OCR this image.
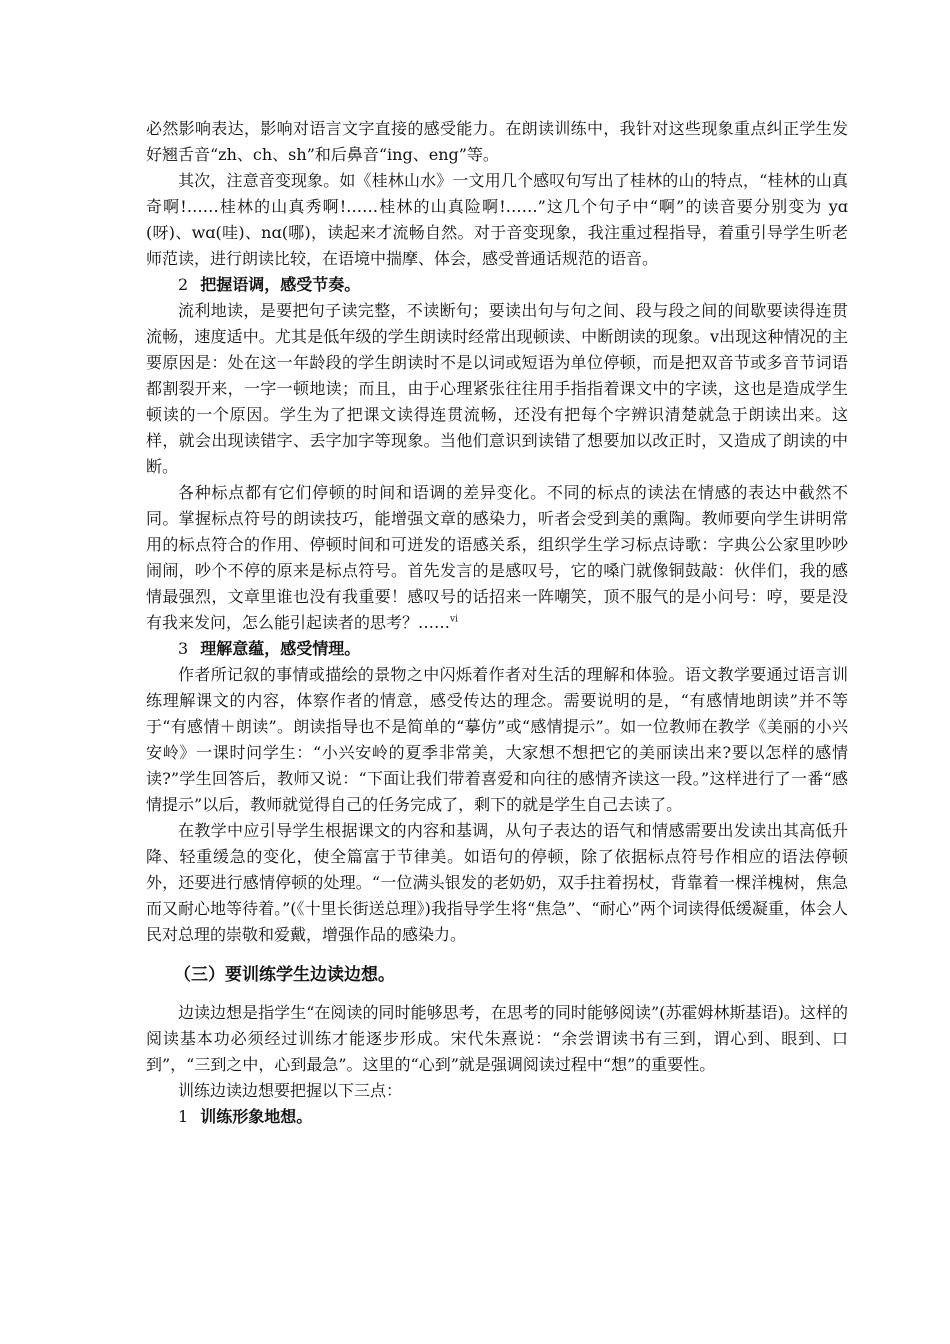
必然影响表达，影响对语言文字直接的感受能力。在朗读训练中，我针对这些现象重点纠正学生发好翘舌音“zh、ch、sh”和后鼻音“ing、eng”等。

其次，注意音变现象。如《桂林山水》一文用几个感叹句写出了桂林的山的特点，“桂林的山真奇啊!……桂林的山真秀啊!……桂林的山真险啊!……”这几个句子中“啊”的读音要分别变为 yɑ(呀)、wɑ(哇)、nɑ(哪)，读起来才流畅自然。对于音变现象，我注重过程指导，着重引导学生听老师范读，进行朗读比较，在语境中揣摩、体会，感受普通话规范的语音。

2 把握语调，感受节奏。

流利地读，是要把句子读完整，不读断句；要读出句与句之间、段与段之间的间歇要读得连贯流畅，速度适中。尤其是低年级的学生朗读时经常出现顿读、中断朗读的现象。ⅴ出现这种情况的主要原因是：处在这一年龄段的学生朗读时不是以词或短语为单位停顿，而是把双音节或多音节词语都割裂开来，一字一顿地读；而且，由于心理紧张往往用手指指着课文中的字读，这也是造成学生顿读的一个原因。学生为了把课文读得连贯流畅，还没有把每个字辨识清楚就急于朗读出来。这样，就会出现读错字、丢字加字等现象。当他们意识到读错了想要加以改正时，又造成了朗读的中断。

各种标点都有它们停顿的时间和语调的差异变化。不同的标点的读法在情感的表达中截然不同。掌握标点符号的朗读技巧，能增强文章的感染力，听者会受到美的熏陶。教师要向学生讲明常用的标点符合的作用、停顿时间和可迸发的语感关系，组织学生学习标点诗歌：字典公公家里吵吵闹闹，吵个不停的原来是标点符号。首先发言的是感叹号，它的嗓门就像铜鼓敲：伙伴们，我的感情最强烈，文章里谁也没有我重要！感叹号的话招来一阵嘲笑，顶不服气的是小问号：哼，要是没有我来发问，怎么能引起读者的思考？……$^{vi}$

3 理解意蕴，感受情理。

作者所记叙的事情或描绘的景物之中闪烁着作者对生活的理解和体验。语文教学要通过语言训练理解课文的内容，体察作者的情意，感受传达的理念。需要说明的是，“有感情地朗读”并不等于“有感情＋朗读”。朗读指导也不是简单的“摹仿”或“感情提示”。如一位教师在教学《美丽的小兴安岭》一课时问学生：“小兴安岭的夏季非常美，大家想不想把它的美丽读出来?要以怎样的感情读?”学生回答后，教师又说：“下面让我们带着喜爱和向往的感情齐读这一段。”这样进行了一番“感情提示”以后，教师就觉得自己的任务完成了，剩下的就是学生自己去读了。

在教学中应引导学生根据课文的内容和基调，从句子表达的语气和情感需要出发读出其高低升降、轻重缓急的变化，使全篇富于节律美。如语句的停顿，除了依据标点符号作相应的语法停顿外，还要进行感情停顿的处理。“一位满头银发的老奶奶，双手拄着拐杖，背靠着一棵洋槐树，焦急而又耐心地等待着。”(《十里长街送总理》)我指导学生将“焦急”、“耐心”两个词读得低缓凝重，体会人民对总理的崇敬和爱戴，增强作品的感染力。

（三）要训练学生边读边想。

边读边想是指学生“在阅读的同时能够思考，在思考的同时能够阅读”(苏霍姆林斯基语)。这样的阅读基本功必须经过训练才能逐步形成。宋代朱熹说：“余尝谓读书有三到，谓心到、眼到、口到”，“三到之中，心到最急”。这里的“心到”就是强调阅读过程中“想”的重要性。

训练边读边想要把握以下三点：

1 训练形象地想。
